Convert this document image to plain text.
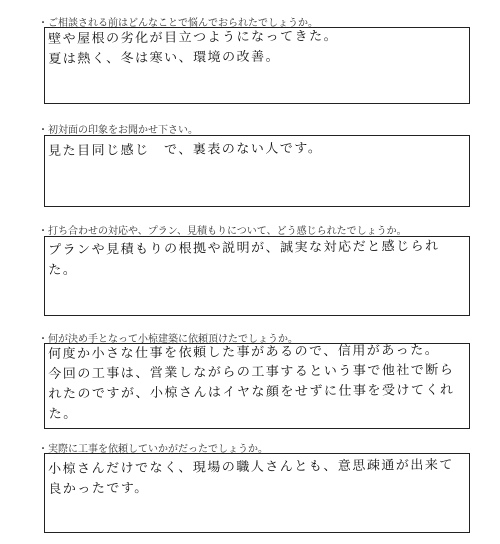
・ご相談される前はどんなことで悩んでおられたでしょうか。
壁や屋根の劣化が目立つようになってきた。
夏は熱く、冬は寒い、環境の改善。
・初対面の印象をお聞かせ下さい。
見た目同じ感じ　で、裏表のない人です。
・打ち合わせの対応や、プラン、見積もりについて、どう感じられたでしょうか。
プランや見積もりの根拠や説明が、誠実な対応だと感じられた。
・何が決め手となって小椋建築に依頼頂けたでしょうか。
何度か小さな仕事を依頼した事があるので、信用があった。
今回の工事は、営業しながらの工事するという事で他社で断られたのですが、小椋さんはイヤな顔をせずに仕事を受けてくれた。
・実際に工事を依頼していかがだったでしょうか。
小椋さんだけでなく、現場の職人さんとも、意思疎通が出来て良かったです。
